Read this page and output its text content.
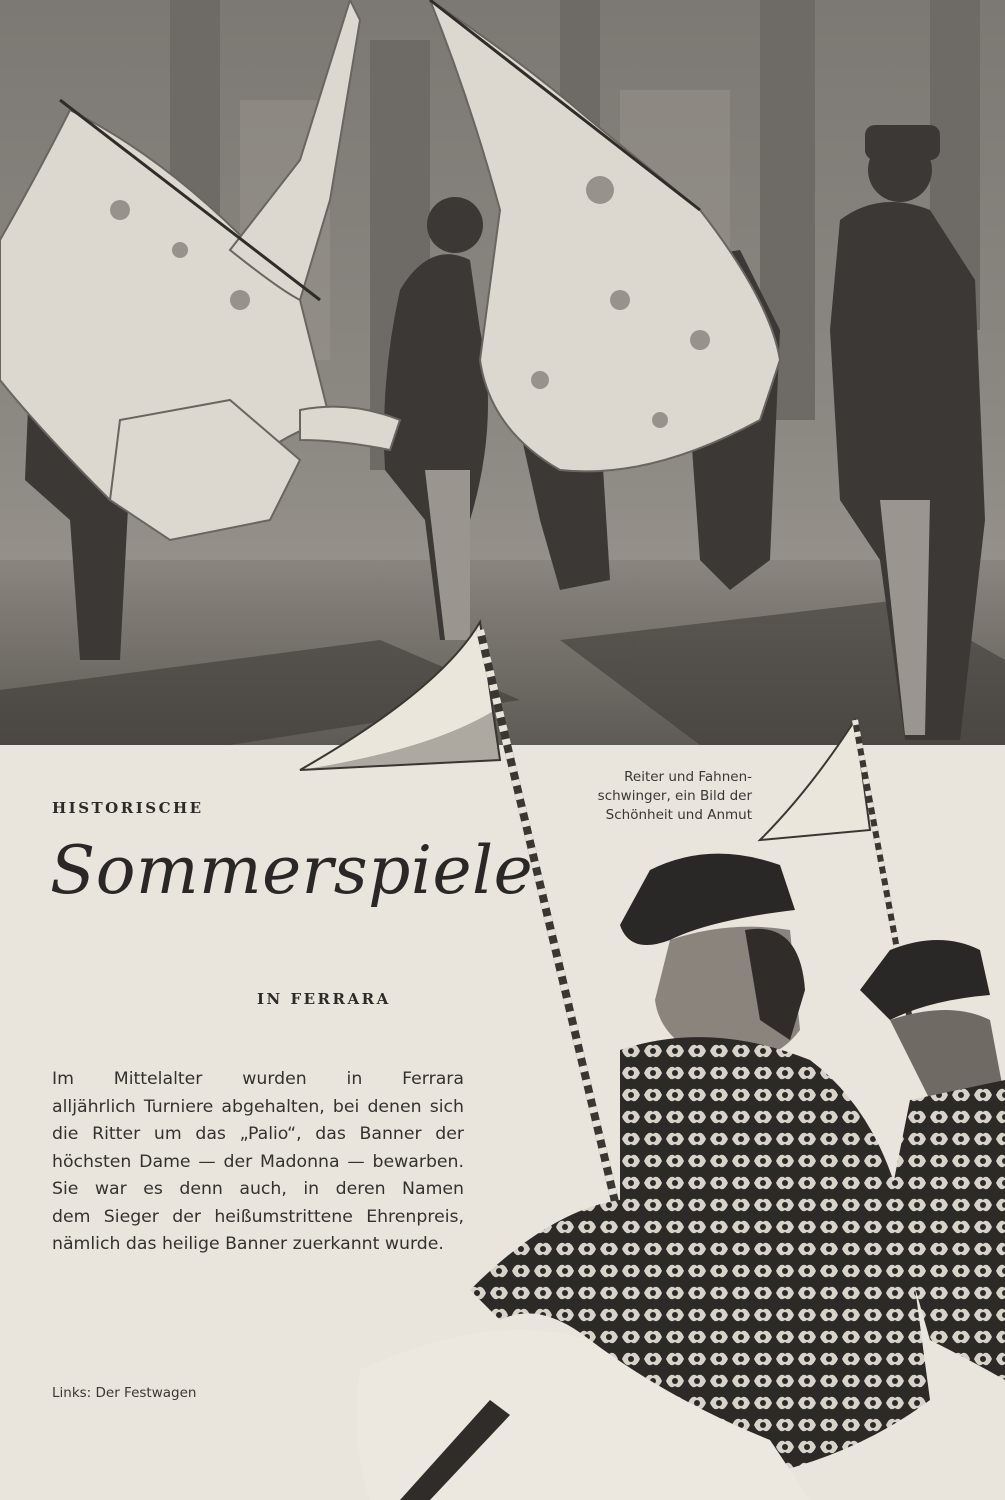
HISTORISCHE
Sommerspiele
IN FERRARA
Im Mittelalter wurden in Ferrara
alljährlich Turniere abgehalten, bei denen sich
die Ritter um das „Palio“, das Banner der
höchsten Dame — der Madonna — bewarben.
Sie war es denn auch, in deren Namen
dem Sieger der heißumstrittene Ehrenpreis,
nämlich das heilige Banner zuerkannt wurde.
Reiter und Fahnen-
schwinger, ein Bild der
Schönheit und Anmut
Links: Der Festwagen
